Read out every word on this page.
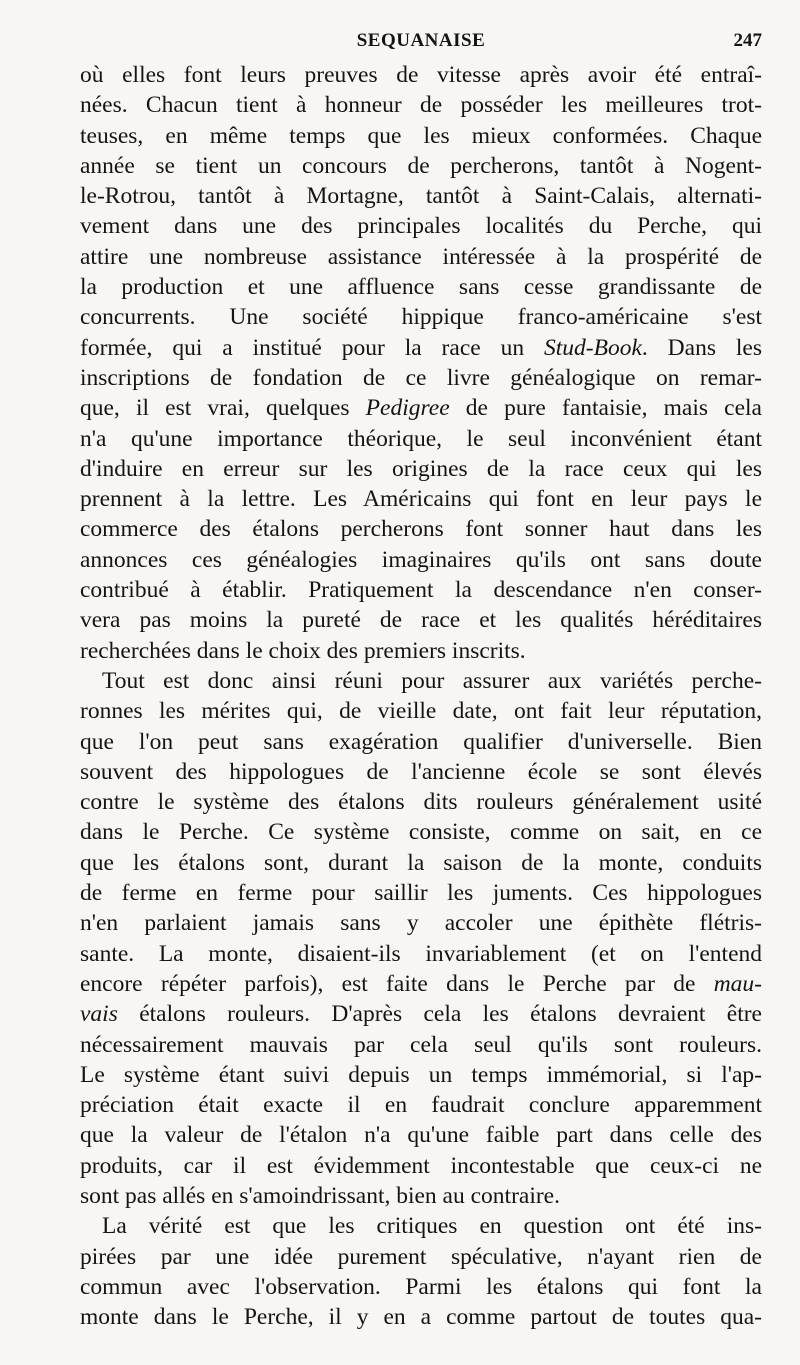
SEQUANAISE	247
où elles font leurs preuves de vitesse après avoir été entraî-
nées. Chacun tient à honneur de posséder les meilleures trot-
teuses, en même temps que les mieux conformées. Chaque
année se tient un concours de percherons, tantôt à Nogent-
le-Rotrou, tantôt à Mortagne, tantôt à Saint-Calais, alternati-
vement dans une des principales localités du Perche, qui
attire une nombreuse assistance intéressée à la prospérité de
la production et une affluence sans cesse grandissante de
concurrents. Une société hippique franco-américaine s'est
formée, qui a institué pour la race un Stud-Book. Dans les
inscriptions de fondation de ce livre généalogique on remar-
que, il est vrai, quelques Pedigree de pure fantaisie, mais cela
n'a qu'une importance théorique, le seul inconvénient étant
d'induire en erreur sur les origines de la race ceux qui les
prennent à la lettre. Les Américains qui font en leur pays le
commerce des étalons percherons font sonner haut dans les
annonces ces généalogies imaginaires qu'ils ont sans doute
contribué à établir. Pratiquement la descendance n'en conser-
vera pas moins la pureté de race et les qualités héréditaires
recherchées dans le choix des premiers inscrits.
Tout est donc ainsi réuni pour assurer aux variétés perche-
ronnes les mérites qui, de vieille date, ont fait leur réputation,
que l'on peut sans exagération qualifier d'universelle. Bien
souvent des hippologues de l'ancienne école se sont élevés
contre le système des étalons dits rouleurs généralement usité
dans le Perche. Ce système consiste, comme on sait, en ce
que les étalons sont, durant la saison de la monte, conduits
de ferme en ferme pour saillir les juments. Ces hippologues
n'en parlaient jamais sans y accoler une épithète flétris-
sante. La monte, disaient-ils invariablement (et on l'entend
encore répéter parfois), est faite dans le Perche par de mau-
vais étalons rouleurs. D'après cela les étalons devraient être
nécessairement mauvais par cela seul qu'ils sont rouleurs.
Le système étant suivi depuis un temps immémorial, si l'ap-
préciation était exacte il en faudrait conclure apparemment
que la valeur de l'étalon n'a qu'une faible part dans celle des
produits, car il est évidemment incontestable que ceux-ci ne
sont pas allés en s'amoindrissant, bien au contraire.
La vérité est que les critiques en question ont été ins-
pirées par une idée purement spéculative, n'ayant rien de
commun avec l'observation. Parmi les étalons qui font la
monte dans le Perche, il y en a comme partout de toutes qua-
